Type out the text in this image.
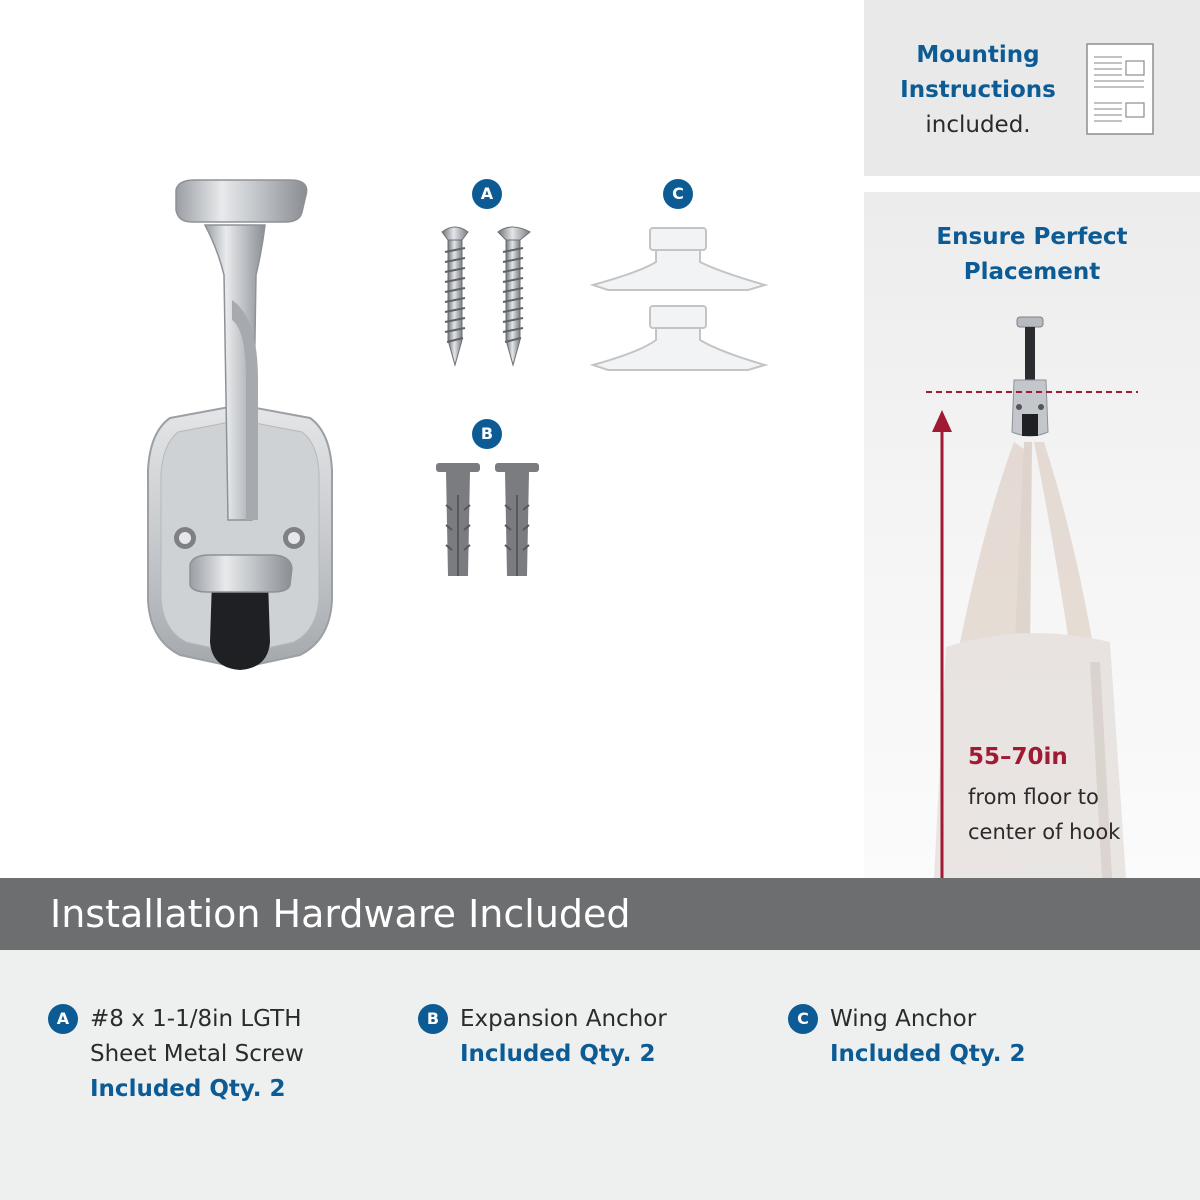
A
B
C
Mounting
Instructions
included.
Ensure Perfect
Placement
55–70in
from floor to
center of hook
Installation Hardware Included
A #8 x 1-1/8in LGTH
Sheet Metal Screw
Included Qty. 2
B Expansion Anchor
Included Qty. 2
C Wing Anchor
Included Qty. 2
